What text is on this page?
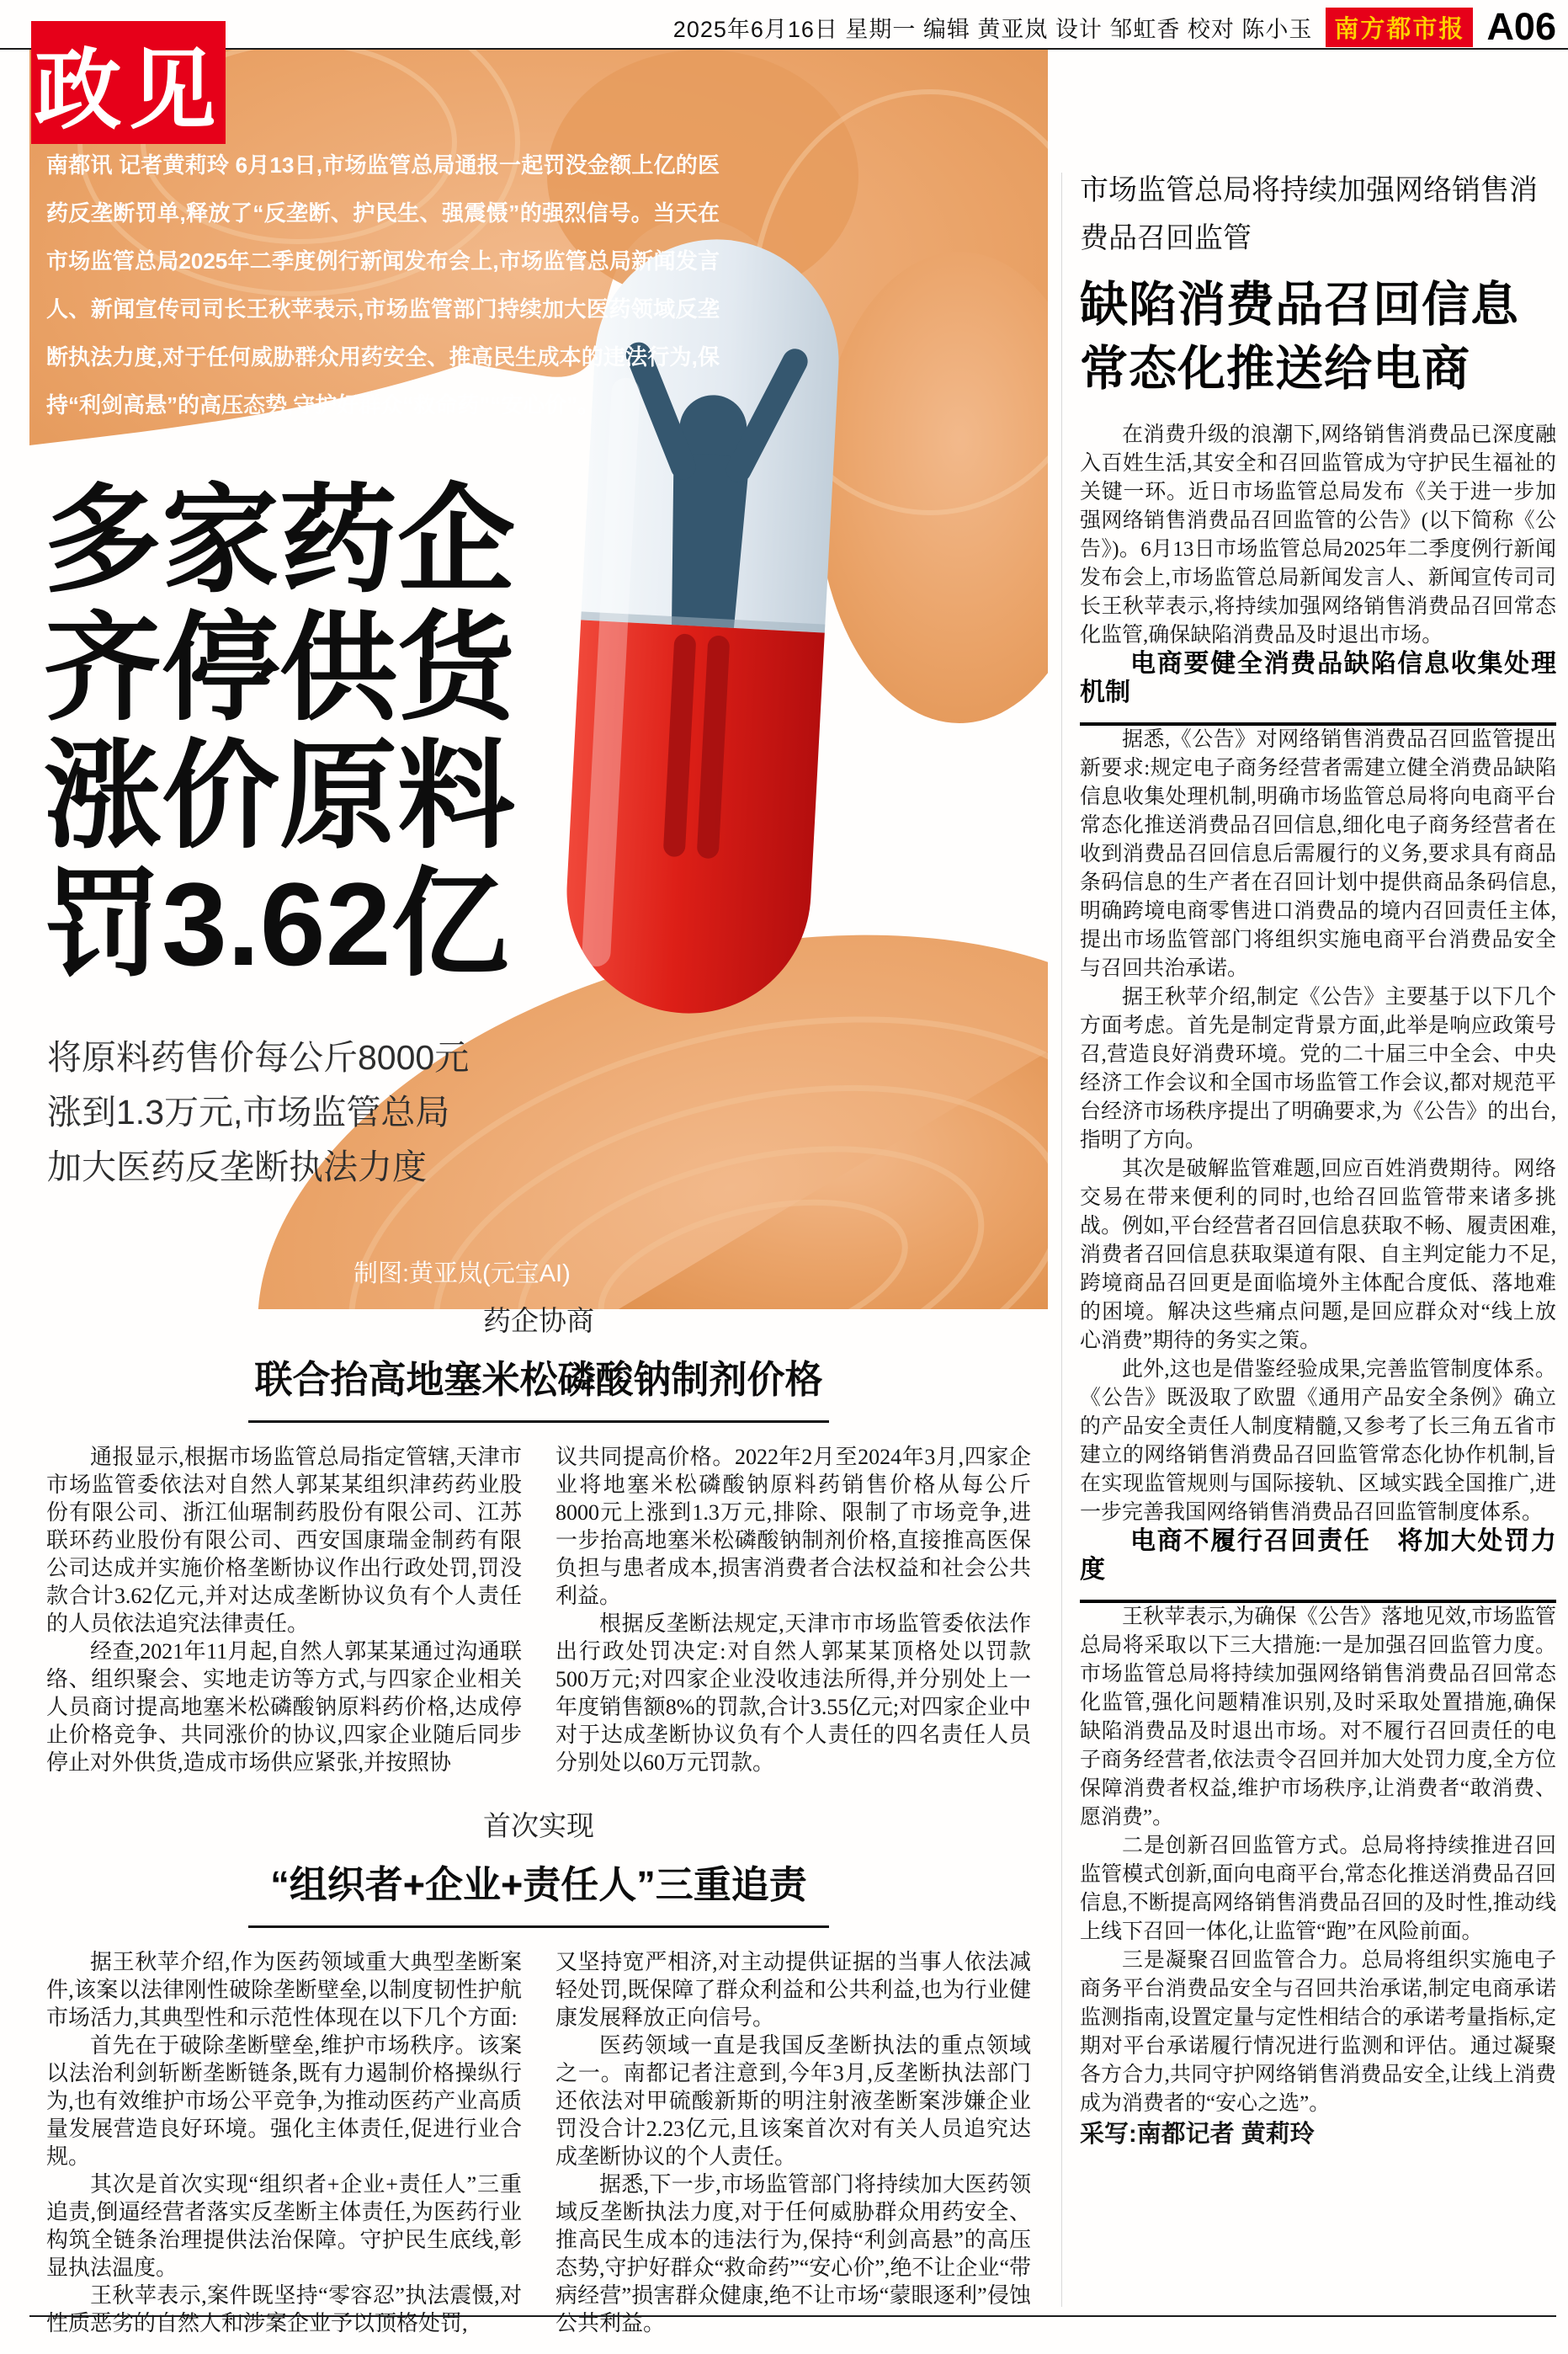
政见
2025年6月16日 星期一 编辑 黄亚岚 设计 邹虹香 校对 陈小玉 南方都市报 A06
南都讯 记者黄莉玲 6月13日,市场监管总局通报一起罚没金额上亿的医药反垄断罚单,释放了“反垄断、护民生、强震慑”的强烈信号。当天在市场监管总局2025年二季度例行新闻发布会上,市场监管总局新闻发言人、新闻宣传司司长王秋苹表示,市场监管部门持续加大医药领域反垄断执法力度,对于任何威胁群众用药安全、推高民生成本的违法行为,保持“利剑高悬”的高压态势,守护好群众“救命药”“安心价”。
多家药企
齐停供货
涨价原料
罚3.62亿
将原料药售价每公斤8000元
涨到1.3万元,市场监管总局
加大医药反垄断执法力度
制图:黄亚岚(元宝AI)
药企协商
联合抬高地塞米松磷酸钠制剂价格

通报显示,根据市场监管总局指定管辖,天津市市场监管委依法对自然人郭某某组织津药药业股份有限公司、浙江仙琚制药股份有限公司、江苏联环药业股份有限公司、西安国康瑞金制药有限公司达成并实施价格垄断协议作出行政处罚,罚没款合计3.62亿元,并对达成垄断协议负有个人责任的人员依法追究法律责任。

经查,2021年11月起,自然人郭某某通过沟通联络、组织聚会、实地走访等方式,与四家企业相关人员商讨提高地塞米松磷酸钠原料药价格,达成停止价格竞争、共同涨价的协议,四家企业随后同步停止对外供货,造成市场供应紧张,并按照协

议共同提高价格。2022年2月至2024年3月,四家企业将地塞米松磷酸钠原料药销售价格从每公斤8000元上涨到1.3万元,排除、限制了市场竞争,进一步抬高地塞米松磷酸钠制剂价格,直接推高医保负担与患者成本,损害消费者合法权益和社会公共利益。

根据反垄断法规定,天津市市场监管委依法作出行政处罚决定:对自然人郭某某顶格处以罚款500万元;对四家企业没收违法所得,并分别处上一年度销售额8%的罚款,合计3.55亿元;对四家企业中对于达成垄断协议负有个人责任的四名责任人员分别处以60万元罚款。

首次实现
“组织者+企业+责任人”三重追责

据王秋苹介绍,作为医药领域重大典型垄断案件,该案以法律刚性破除垄断壁垒,以制度韧性护航市场活力,其典型性和示范性体现在以下几个方面:

首先在于破除垄断壁垒,维护市场秩序。该案以法治利剑斩断垄断链条,既有力遏制价格操纵行为,也有效维护市场公平竞争,为推动医药产业高质量发展营造良好环境。强化主体责任,促进行业合规。

其次是首次实现“组织者+企业+责任人”三重追责,倒逼经营者落实反垄断主体责任,为医药行业构筑全链条治理提供法治保障。守护民生底线,彰显执法温度。

王秋苹表示,案件既坚持“零容忍”执法震慑,对性质恶劣的自然人和涉案企业予以顶格处罚,

又坚持宽严相济,对主动提供证据的当事人依法减轻处罚,既保障了群众利益和公共利益,也为行业健康发展释放正向信号。

医药领域一直是我国反垄断执法的重点领域之一。南都记者注意到,今年3月,反垄断执法部门还依法对甲硫酸新斯的明注射液垄断案涉嫌企业罚没合计2.23亿元,且该案首次对有关人员追究达成垄断协议的个人责任。

据悉,下一步,市场监管部门将持续加大医药领域反垄断执法力度,对于任何威胁群众用药安全、推高民生成本的违法行为,保持“利剑高悬”的高压态势,守护好群众“救命药”“安心价”,绝不让企业“带病经营”损害群众健康,绝不让市场“蒙眼逐利”侵蚀公共利益。

市场监管总局将持续加强网络销售消费品召回监管
缺陷消费品召回信息
常态化推送给电商

在消费升级的浪潮下,网络销售消费品已深度融入百姓生活,其安全和召回监管成为守护民生福祉的关键一环。近日市场监管总局发布《关于进一步加强网络销售消费品召回监管的公告》(以下简称《公告》)。6月13日市场监管总局2025年二季度例行新闻发布会上,市场监管总局新闻发言人、新闻宣传司司长王秋苹表示,将持续加强网络销售消费品召回常态化监管,确保缺陷消费品及时退出市场。

电商要健全消费品缺陷信息收集处理机制

据悉,《公告》对网络销售消费品召回监管提出新要求:规定电子商务经营者需建立健全消费品缺陷信息收集处理机制,明确市场监管总局将向电商平台常态化推送消费品召回信息,细化电子商务经营者在收到消费品召回信息后需履行的义务,要求具有商品条码信息的生产者在召回计划中提供商品条码信息,明确跨境电商零售进口消费品的境内召回责任主体,提出市场监管部门将组织实施电商平台消费品安全与召回共治承诺。

据王秋苹介绍,制定《公告》主要基于以下几个方面考虑。首先是制定背景方面,此举是响应政策号召,营造良好消费环境。党的二十届三中全会、中央经济工作会议和全国市场监管工作会议,都对规范平台经济市场秩序提出了明确要求,为《公告》的出台,指明了方向。

其次是破解监管难题,回应百姓消费期待。网络交易在带来便利的同时,也给召回监管带来诸多挑战。例如,平台经营者召回信息获取不畅、履责困难,消费者召回信息获取渠道有限、自主判定能力不足,跨境商品召回更是面临境外主体配合度低、落地难的困境。解决这些痛点问题,是回应群众对“线上放心消费”期待的务实之策。

此外,这也是借鉴经验成果,完善监管制度体系。《公告》既汲取了欧盟《通用产品安全条例》确立的产品安全责任人制度精髓,又参考了长三角五省市建立的网络销售消费品召回监管常态化协作机制,旨在实现监管规则与国际接轨、区域实践全国推广,进一步完善我国网络销售消费品召回监管制度体系。

电商不履行召回责任　将加大处罚力度

王秋苹表示,为确保《公告》落地见效,市场监管总局将采取以下三大措施:一是加强召回监管力度。市场监管总局将持续加强网络销售消费品召回常态化监管,强化问题精准识别,及时采取处置措施,确保缺陷消费品及时退出市场。对不履行召回责任的电子商务经营者,依法责令召回并加大处罚力度,全方位保障消费者权益,维护市场秩序,让消费者“敢消费、愿消费”。

二是创新召回监管方式。总局将持续推进召回监管模式创新,面向电商平台,常态化推送消费品召回信息,不断提高网络销售消费品召回的及时性,推动线上线下召回一体化,让监管“跑”在风险前面。

三是凝聚召回监管合力。总局将组织实施电子商务平台消费品安全与召回共治承诺,制定电商承诺监测指南,设置定量与定性相结合的承诺考量指标,定期对平台承诺履行情况进行监测和评估。通过凝聚各方合力,共同守护网络销售消费品安全,让线上消费成为消费者的“安心之选”。

采写:南都记者 黄莉玲
